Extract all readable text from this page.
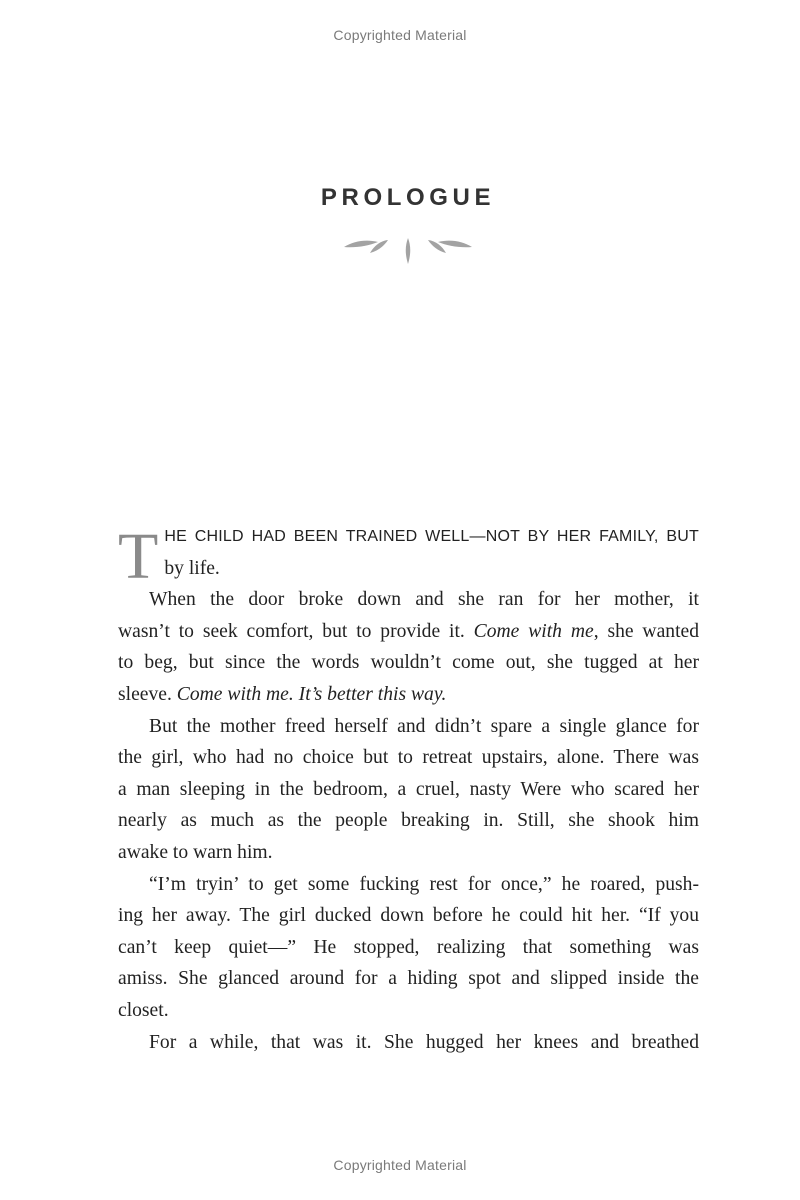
Copyrighted Material
PROLOGUE

T HE CHILD HAD BEEN TRAINED WELL—NOT BY HER FAMILY, BUT
by life.

When the door broke down and she ran for her mother, it
wasn’t to seek comfort, but to provide it. Come with me, she wanted
to beg, but since the words wouldn’t come out, she tugged at her
sleeve. Come with me. It’s better this way.

But the mother freed herself and didn’t spare a single glance for
the girl, who had no choice but to retreat upstairs, alone. There was
a man sleeping in the bedroom, a cruel, nasty Were who scared her
nearly as much as the people breaking in. Still, she shook him
awake to warn him.

“I’m tryin’ to get some fucking rest for once,” he roared, push-
ing her away. The girl ducked down before he could hit her. “If you
can’t keep quiet—” He stopped, realizing that something was
amiss. She glanced around for a hiding spot and slipped inside the
closet.

For a while, that was it. She hugged her knees and breathed

Copyrighted Material
